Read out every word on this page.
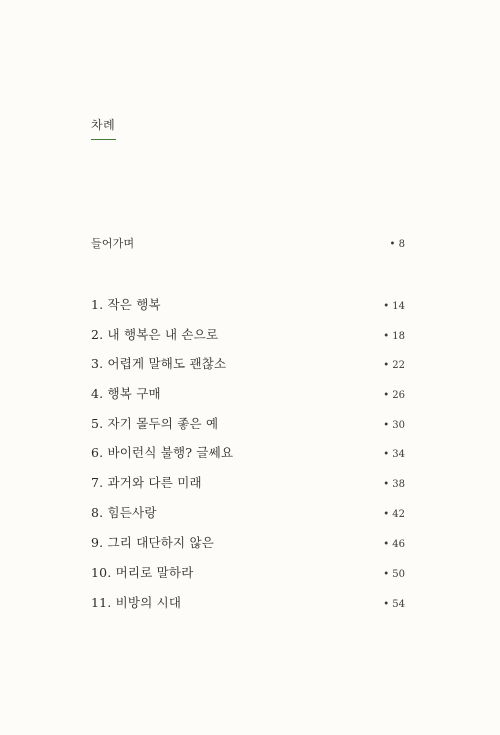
차례
들어가며	• 8
1. 작은 행복	• 14
2. 내 행복은 내 손으로	• 18
3. 어렵게 말해도 괜찮소	• 22
4. 행복 구매	• 26
5. 자기 몰두의 좋은 예	• 30
6. 바이런식 불행? 글쎄요	• 34
7. 과거와 다른 미래	• 38
8. 힘든사랑	• 42
9. 그리 대단하지 않은	• 46
10. 머리로 말하라	• 50
11. 비방의 시대	• 54
